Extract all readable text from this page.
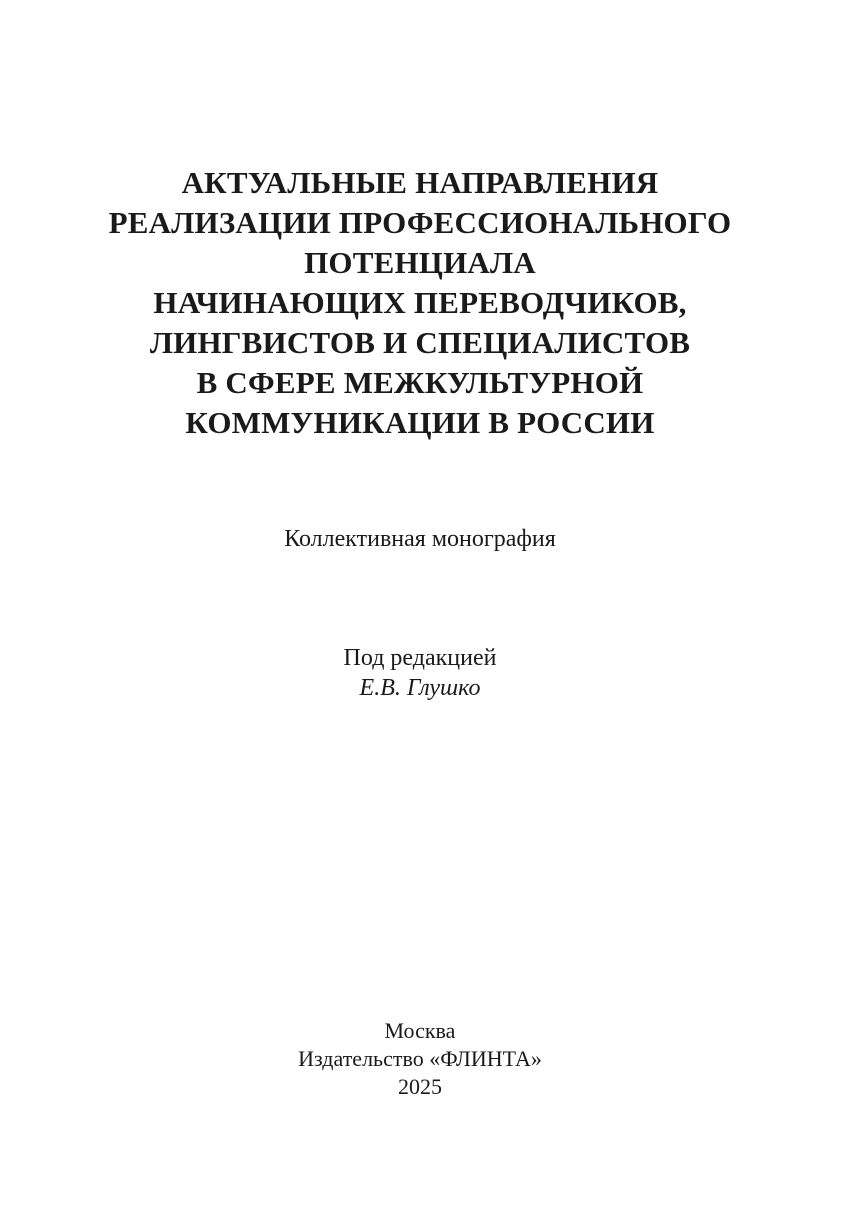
АКТУАЛЬНЫЕ НАПРАВЛЕНИЯ
РЕАЛИЗАЦИИ ПРОФЕССИОНАЛЬНОГО
ПОТЕНЦИАЛА
НАЧИНАЮЩИХ ПЕРЕВОДЧИКОВ,
ЛИНГВИСТОВ И СПЕЦИАЛИСТОВ
В СФЕРЕ МЕЖКУЛЬТУРНОЙ
КОММУНИКАЦИИ В РОССИИ
Коллективная монография
Под редакцией
Е.В. Глушко
Москва
Издательство «ФЛИНТА»
2025
